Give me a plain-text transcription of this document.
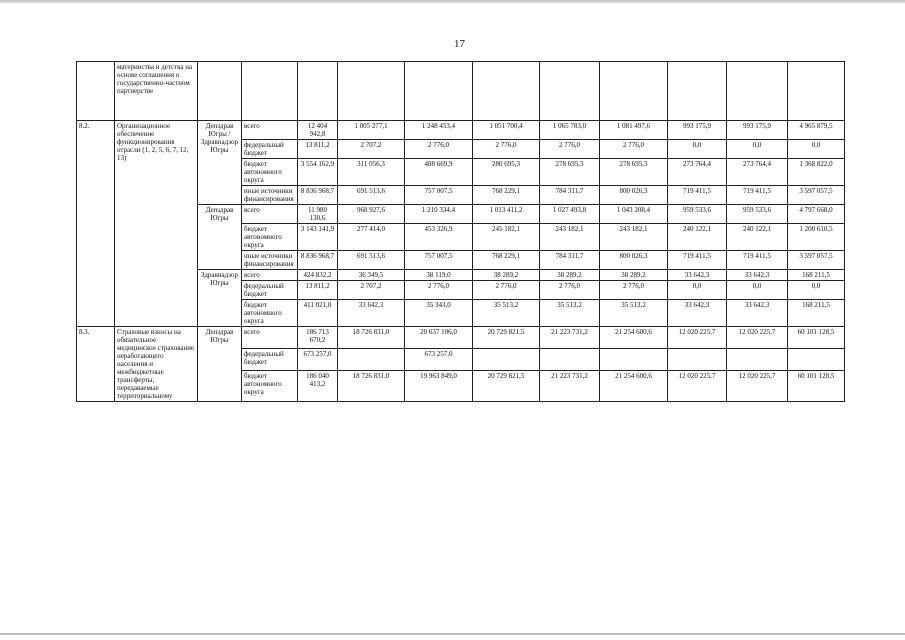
17
	материнства и детства на основе соглашения о государственно-частном партнерстве											
8.2.	Организационное обеспечение функционирования отрасли (1, 2, 5, 6, 7, 12, 13)	Депздрав Югры /Здравнадзор Югры	всего	12 404 942,8	1 005 277,1	1 248 453,4	1 051 700,4	1 065 783,0	1 081 497,6	993 175,9	993 175,9	4 965 879,5
			федеральный бюджет	13 811,2	2 707,2	2 776,0	2 776,0	2 776,0	2 776,0	0,0	0,0	0,0
			бюджет автономного округа	3 554 162,9	311 056,3	488 669,9	280 695,3	278 695,3	278 695,3	273 764,4	273 764,4	1 368 822,0
			иные источники финансирования	8 836 968,7	691 513,6	757 007,5	768 229,1	784 311,7	800 026,3	719 411,5	719 411,5	3 597 057,5
		Депздрав Югры	всего	11 980 130,6	968 927,6	1 210 334,4	1 013 411,2	1 027 493,8	1 043 208,4	959 533,6	959 533,6	4 797 668,0
			бюджет автономного округа	3 143 141,9	277 414,0	453 326,9	245 182,1	243 182,1	243 182,1	240 122,1	240 122,1	1 200 610,5
			иные источники финансирования	8 836 968,7	691 513,6	757 007,5	768 229,1	784 311,7	800 026,3	719 411,5	719 411,5	3 597 057,5
		Здравнадзор Югры	всего	424 832,2	36 349,5	38 119,0	38 289,2	38 289,2	38 289,2	33 642,3	33 642,3	168 211,5
			федеральный бюджет	13 811,2	2 707,2	2 776,0	2 776,0	2 776,0	2 776,0	0,0	0,0	0,0
			бюджет автономного округа	411 021,0	33 642,3	35 343,0	35 513,2	35 513,2	35 513,2	33 642,3	33 642,3	168 211,5
8.3.	Страховые взносы на обязательное медицинское страхование неработающего населения и межбюджетные трансферты, передаваемые территориальному	Депздрав Югры	всего	186 713 670,2	18 726 831,0	20 637 106,0	20 729 821,5	21 223 731,2	21 254 600,6	12 020 225,7	12 020 225,7	60 101 128,5
			федеральный бюджет	673 257,0		673 257,0						
			бюджет автономного округа	186 040 413,2	18 726 831,0	19 963 849,0	20 729 821,5	21 223 731,2	21 254 600,6	12 020 225,7	12 020 225,7	60 101 128,5
